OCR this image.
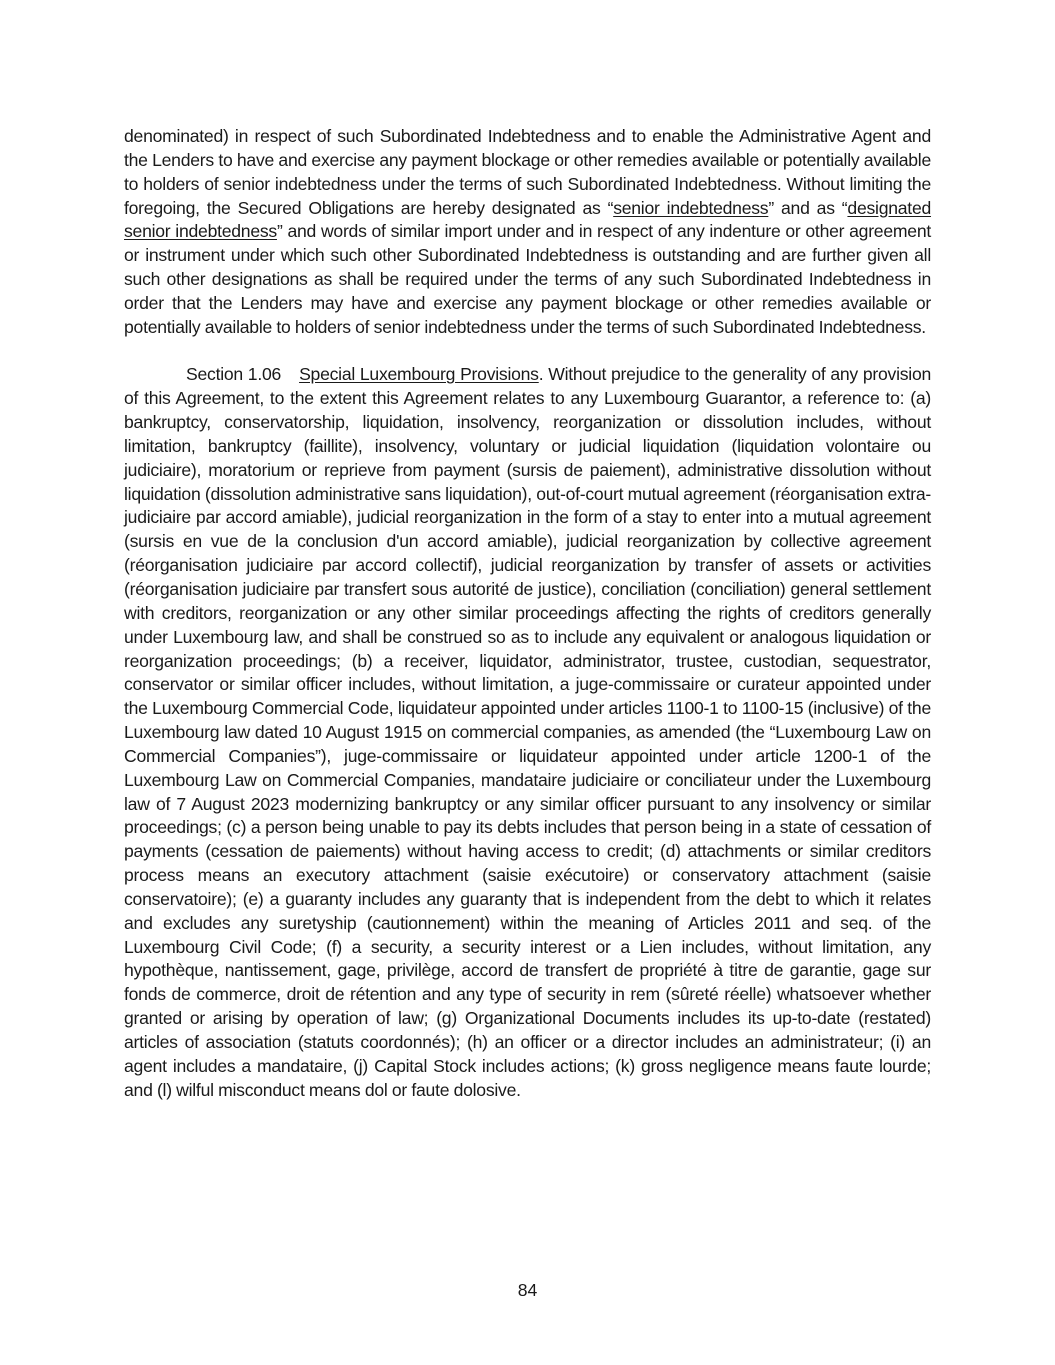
denominated) in respect of such Subordinated Indebtedness and to enable the Administrative Agent and the Lenders to have and exercise any payment blockage or other remedies available or potentially available to holders of senior indebtedness under the terms of such Subordinated Indebtedness. Without limiting the foregoing, the Secured Obligations are hereby designated as “senior indebtedness” and as “designated senior indebtedness” and words of similar import under and in respect of any indenture or other agreement or instrument under which such other Subordinated Indebtedness is outstanding and are further given all such other designations as shall be required under the terms of any such Subordinated Indebtedness in order that the Lenders may have and exercise any payment blockage or other remedies available or potentially available to holders of senior indebtedness under the terms of such Subordinated Indebtedness.

Section 1.06 Special Luxembourg Provisions. Without prejudice to the generality of any provision of this Agreement, to the extent this Agreement relates to any Luxembourg Guarantor, a reference to: (a) bankruptcy, conservatorship, liquidation, insolvency, reorganization or dissolution includes, without limitation, bankruptcy (faillite), insolvency, voluntary or judicial liquidation (liquidation volontaire ou judiciaire), moratorium or reprieve from payment (sursis de paiement), administrative dissolution without liquidation (dissolution administrative sans liquidation), out-of-court mutual agreement (réorganisation extra-judiciaire par accord amiable), judicial reorganization in the form of a stay to enter into a mutual agreement (sursis en vue de la conclusion d'un accord amiable), judicial reorganization by collective agreement (réorganisation judiciaire par accord collectif), judicial reorganization by transfer of assets or activities (réorganisation judiciaire par transfert sous autorité de justice), conciliation (conciliation) general settlement with creditors, reorganization or any other similar proceedings affecting the rights of creditors generally under Luxembourg law, and shall be construed so as to include any equivalent or analogous liquidation or reorganization proceedings; (b) a receiver, liquidator, administrator, trustee, custodian, sequestrator, conservator or similar officer includes, without limitation, a juge-commissaire or curateur appointed under the Luxembourg Commercial Code, liquidateur appointed under articles 1100-1 to 1100-15 (inclusive) of the Luxembourg law dated 10 August 1915 on commercial companies, as amended (the “Luxembourg Law on Commercial Companies”), juge-commissaire or liquidateur appointed under article 1200-1 of the Luxembourg Law on Commercial Companies, mandataire judiciaire or conciliateur under the Luxembourg law of 7 August 2023 modernizing bankruptcy or any similar officer pursuant to any insolvency or similar proceedings; (c) a person being unable to pay its debts includes that person being in a state of cessation of payments (cessation de paiements) without having access to credit; (d) attachments or similar creditors process means an executory attachment (saisie exécutoire) or conservatory attachment (saisie conservatoire); (e) a guaranty includes any guaranty that is independent from the debt to which it relates and excludes any suretyship (cautionnement) within the meaning of Articles 2011 and seq. of the Luxembourg Civil Code; (f) a security, a security interest or a Lien includes, without limitation, any hypothèque, nantissement, gage, privilège, accord de transfert de propriété à titre de garantie, gage sur fonds de commerce, droit de rétention and any type of security in rem (sûreté réelle) whatsoever whether granted or arising by operation of law; (g) Organizational Documents includes its up-to-date (restated) articles of association (statuts coordonnés); (h) an officer or a director includes an administrateur; (i) an agent includes a mandataire, (j) Capital Stock includes actions; (k) gross negligence means faute lourde; and (l) wilful misconduct means dol or faute dolosive.

84
